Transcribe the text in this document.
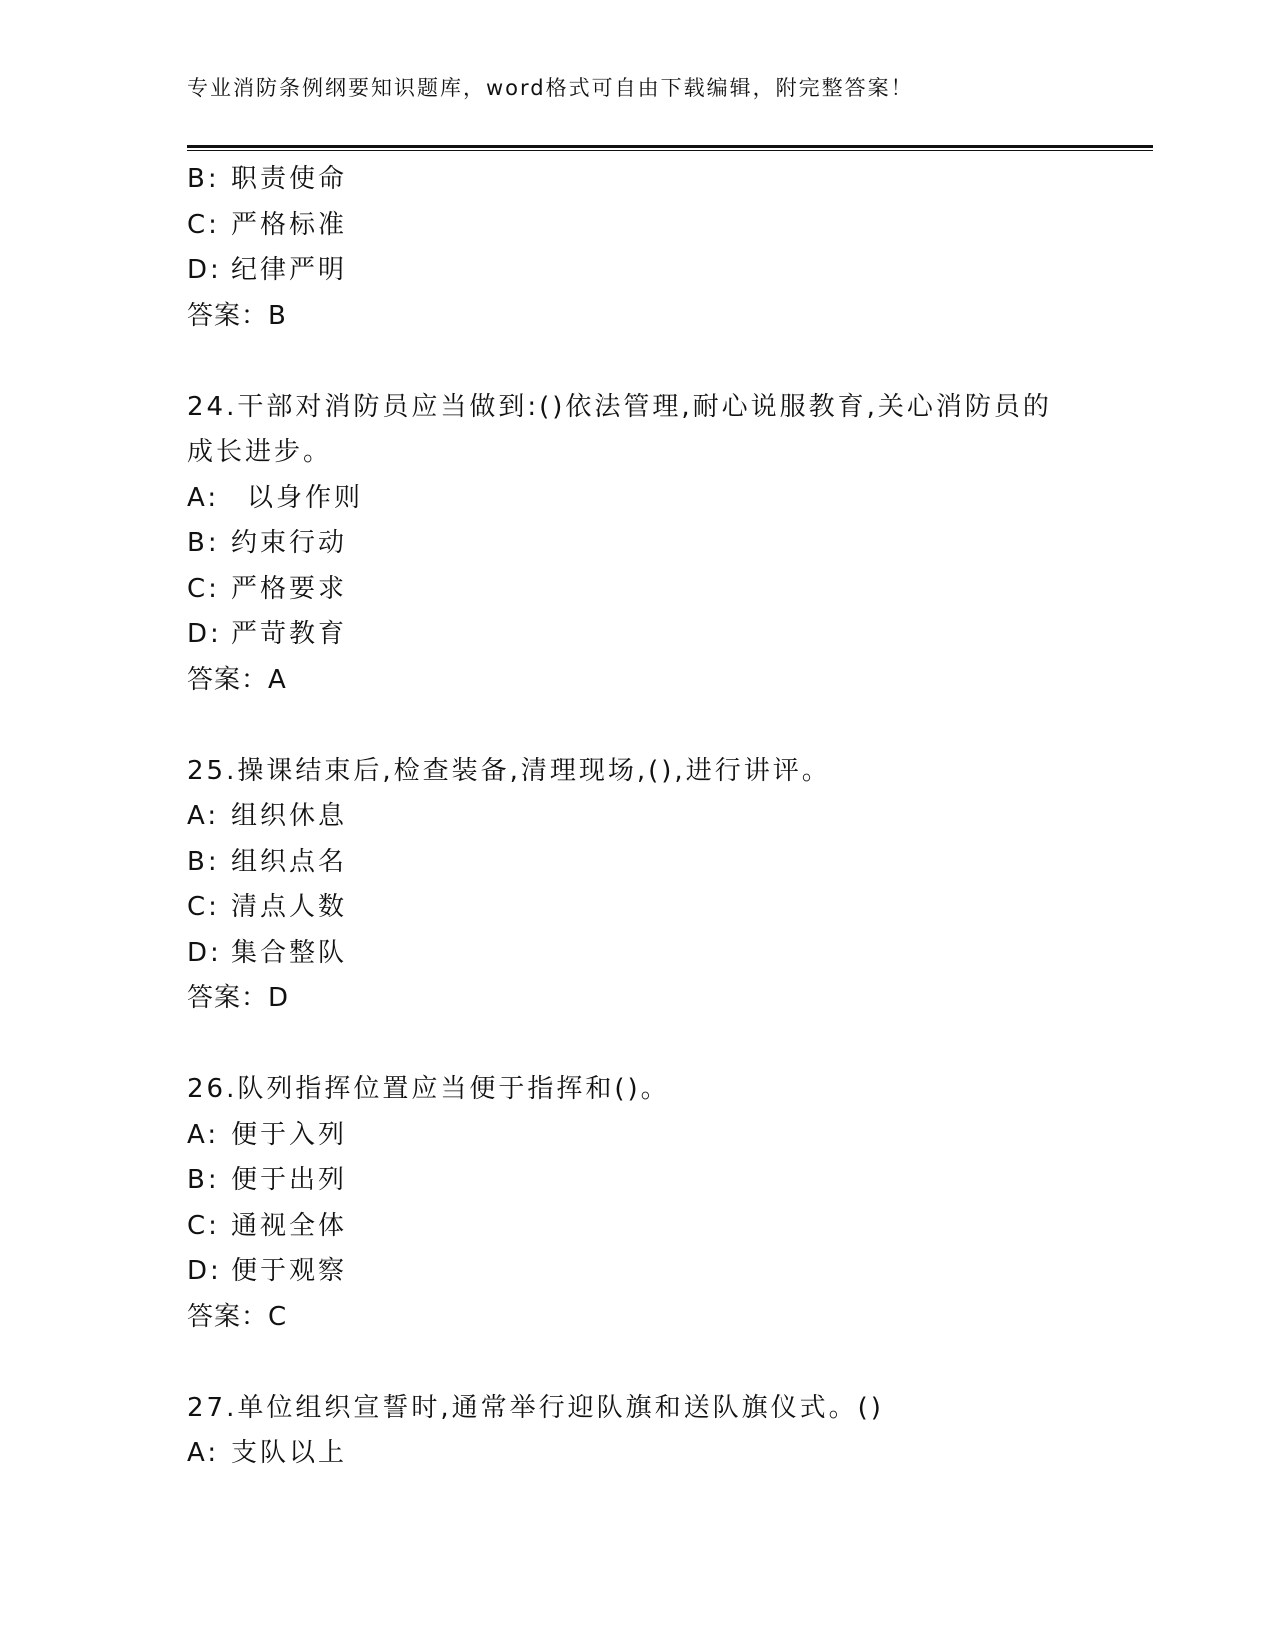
专业消防条例纲要知识题库，word格式可自由下载编辑，附完整答案！
B: 职责使命
C: 严格标准
D: 纪律严明
答案：B
24.干部对消防员应当做到:()依法管理,耐心说服教育,关心消防员的
成长进步。
A: 以身作则
B: 约束行动
C: 严格要求
D: 严苛教育
答案：A
25.操课结束后,检查装备,清理现场,(),进行讲评。
A: 组织休息
B: 组织点名
C: 清点人数
D: 集合整队
答案：D
26.队列指挥位置应当便于指挥和()。
A: 便于入列
B: 便于出列
C: 通视全体
D: 便于观察
答案：C
27.单位组织宣誓时,通常举行迎队旗和送队旗仪式。()
A: 支队以上
